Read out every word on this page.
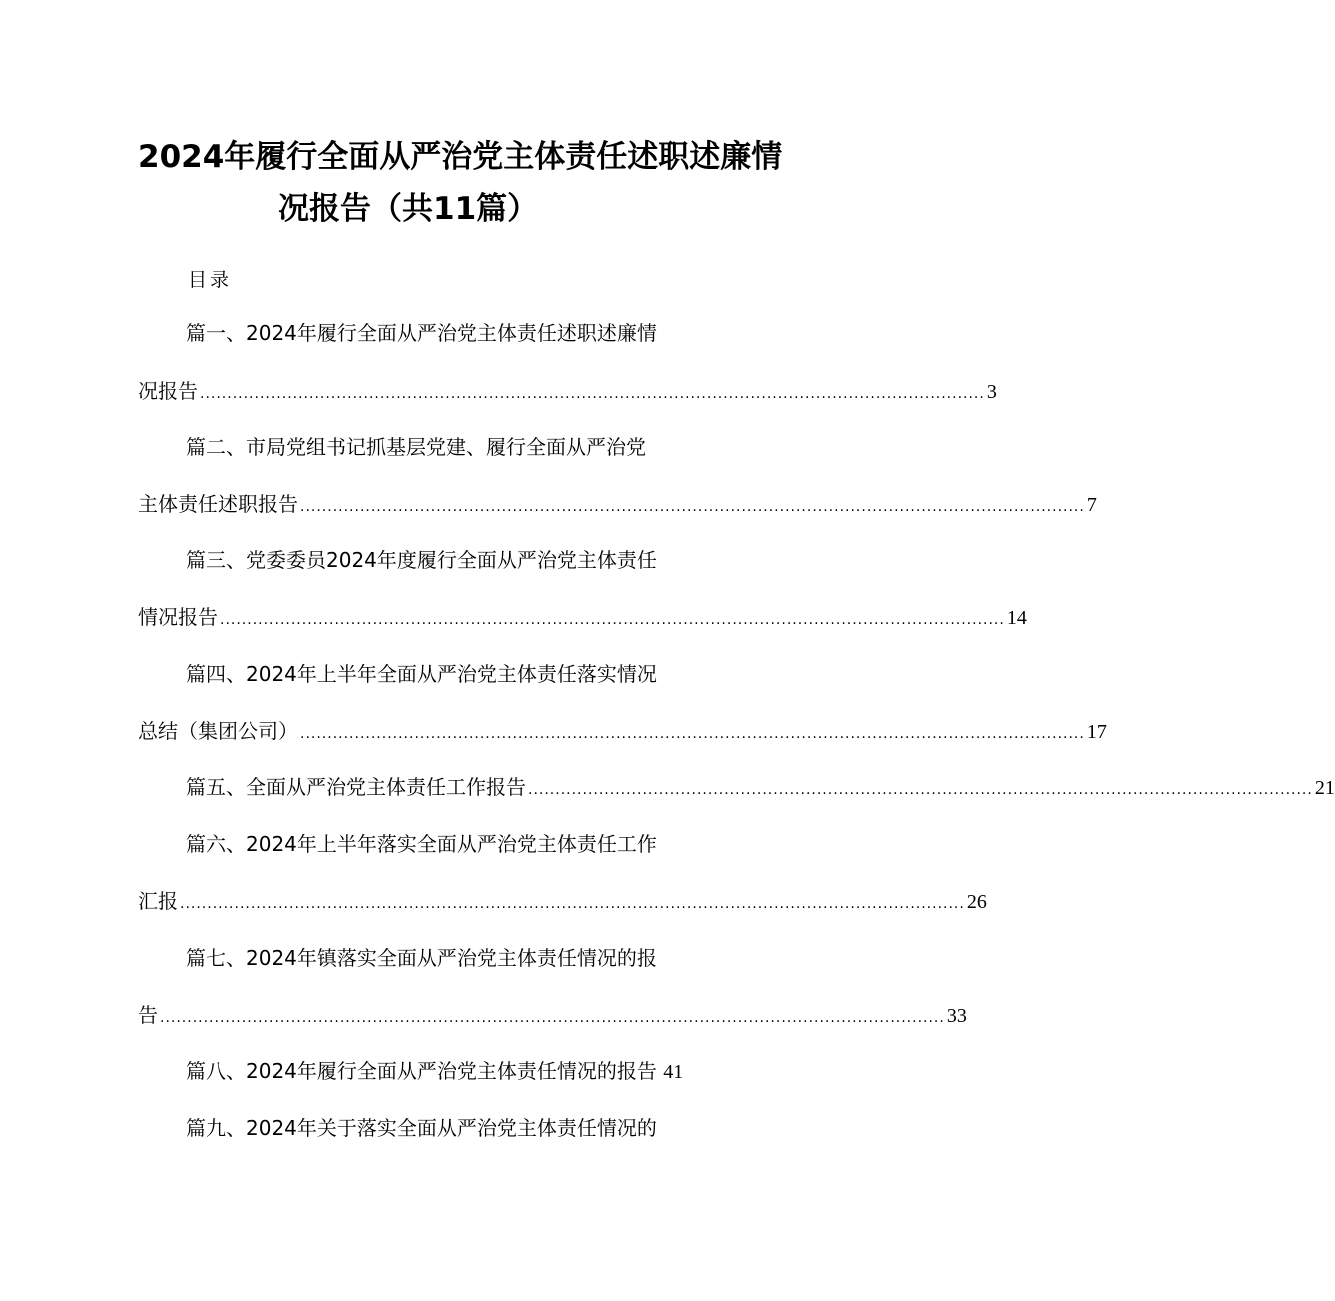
2024年履行全面从严治党主体责任述职述廉情
况报告（共11篇）
目录
篇一、2024年履行全面从严治党主体责任述职述廉情
况报告 ................................................................................................................................................ 3
篇二、市局党组书记抓基层党建、履行全面从严治党
主体责任述职报告 ................................................................................................................................................ 7
篇三、党委委员2024年度履行全面从严治党主体责任
情况报告 ................................................................................................................................................ 14
篇四、2024年上半年全面从严治党主体责任落实情况
总结（集团公司） ................................................................................................................................................ 17
篇五、全面从严治党主体责任工作报告 ................................................................................................................................................ 21
篇六、2024年上半年落实全面从严治党主体责任工作
汇报 ................................................................................................................................................ 26
篇七、2024年镇落实全面从严治党主体责任情况的报
告 ................................................................................................................................................ 33
篇八、2024年履行全面从严治党主体责任情况的报告 41
篇九、2024年关于落实全面从严治党主体责任情况的
